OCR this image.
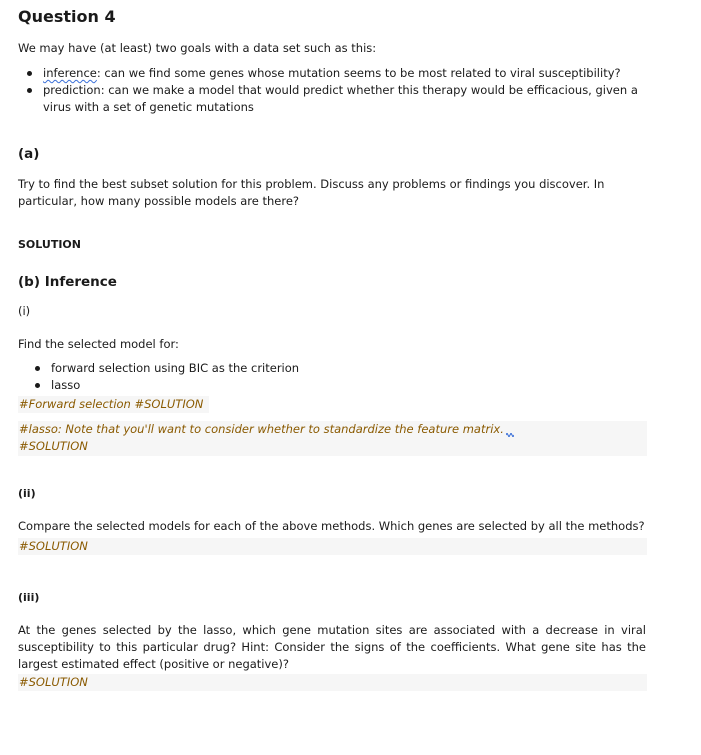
Question 4
We may have (at least) two goals with a data set such as this:
inference: can we find some genes whose mutation seems to be most related to viral susceptibility?
prediction: can we make a model that would predict whether this therapy would be efficacious, given a virus with a set of genetic mutations
(a)
Try to find the best subset solution for this problem. Discuss any problems or findings you discover. In particular, how many possible models are there?
SOLUTION
(b) Inference
(i)
Find the selected model for:
forward selection using BIC as the criterion
lasso
#Forward selection #SOLUTION
#lasso: Note that you'll want to consider whether to standardize the feature matrix.
#SOLUTION
(ii)
Compare the selected models for each of the above methods. Which genes are selected by all the methods?
#SOLUTION
(iii)
At the genes selected by the lasso, which gene mutation sites are associated with a decrease in viral susceptibility to this particular drug? Hint: Consider the signs of the coefficients. What gene site has the largest estimated effect (positive or negative)?
#SOLUTION
